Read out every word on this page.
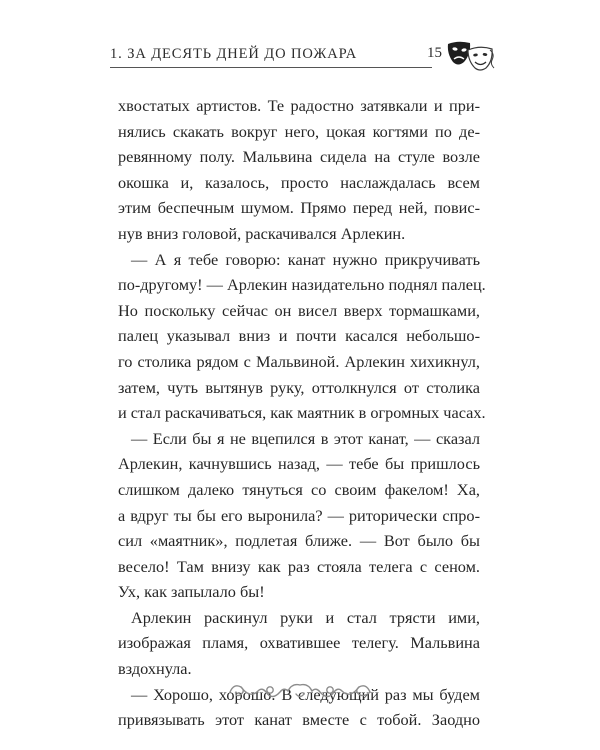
1. ЗА ДЕСЯТЬ ДНЕЙ ДО ПОЖАРА	15
хвостатых артистов. Те радостно затявкали и при-
нялись скакать вокруг него, цокая когтями по де-
ревянному полу. Мальвина сидела на стуле возле
окошка и, казалось, просто наслаждалась всем
этим беспечным шумом. Прямо перед ней, повис-
нув вниз головой, раскачивался Арлекин.
— А я тебе говорю: канат нужно прикручивать
по-другому! — Арлекин назидательно поднял палец.
Но поскольку сейчас он висел вверх тормашками,
палец указывал вниз и почти касался небольшо-
го столика рядом с Мальвиной. Арлекин хихикнул,
затем, чуть вытянув руку, оттолкнулся от столика
и стал раскачиваться, как маятник в огромных часах.
— Если бы я не вцепился в этот канат, — сказал
Арлекин, качнувшись назад, — тебе бы пришлось
слишком далеко тянуться со своим факелом! Ха,
а вдруг ты бы его выронила? — риторически спро-
сил «маятник», подлетая ближе. — Вот было бы
весело! Там внизу как раз стояла телега с сеном.
Ух, как запылало бы!
Арлекин раскинул руки и стал трясти ими,
изображая пламя, охватившее телегу. Мальвина
вздохнула.
— Хорошо, хорошо. В следующий раз мы будем
привязывать этот канат вместе с тобой. Заодно
